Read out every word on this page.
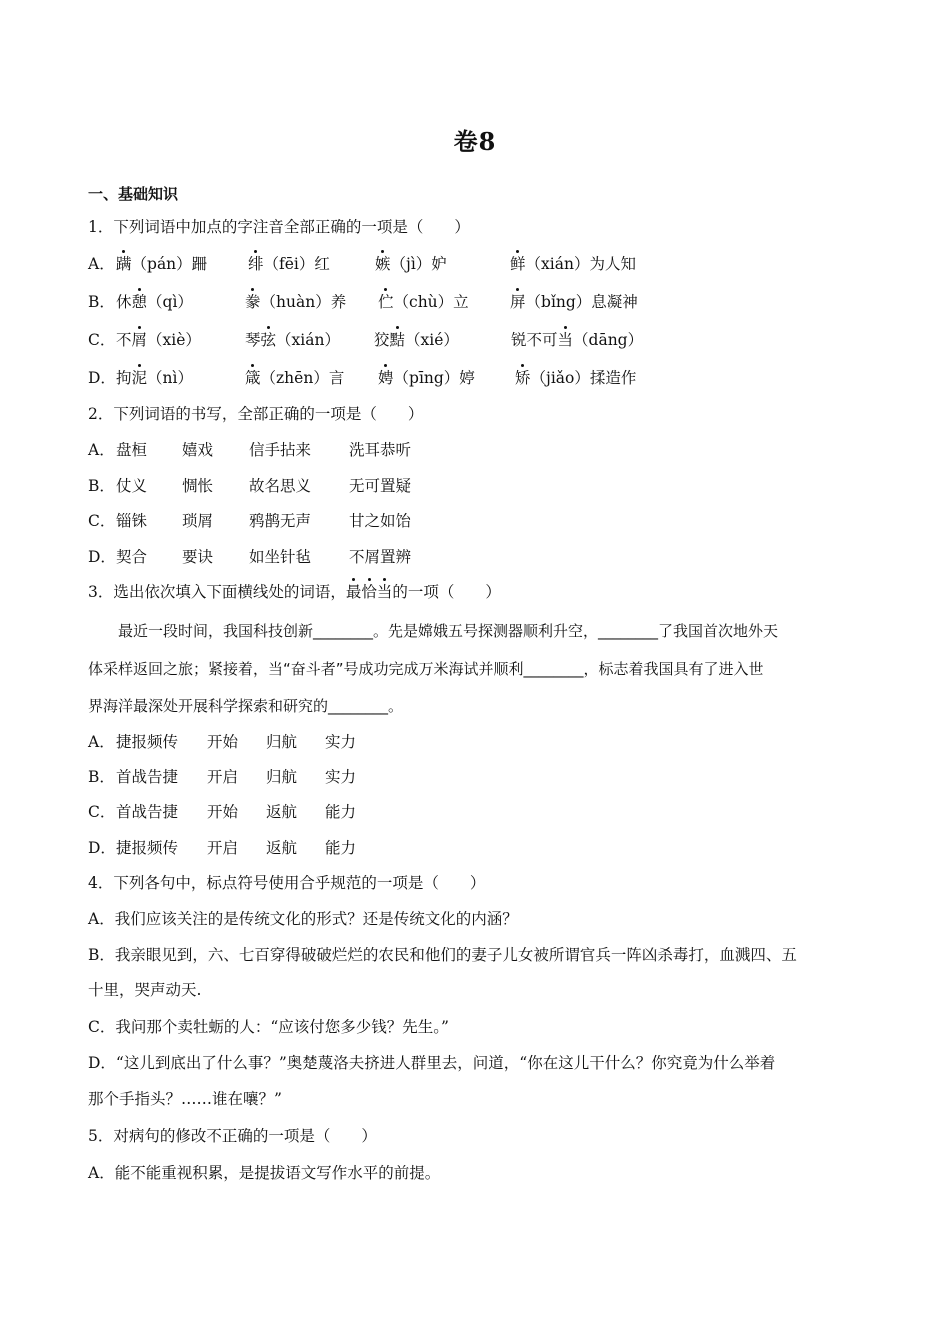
卷8
一、基础知识
1．下列词语中加点的字注音全部正确的一项是（　　）
A． 蹒（pán）跚	绯（fēi）红	嫉（jì）妒	鲜（xián）为人知
B． 休憩（qì）	豢（huàn）养 伫（chù）立	屏（bǐng）息凝神
C． 不屑（xiè）	琴弦（xián） 狡黠（xié）	锐不可当（dāng）
D． 拘泥（nì）	箴（zhēn）言 娉（pīng）婷	矫（jiǎo）揉造作
2．下列词语的书写，全部正确的一项是（　　）
A． 盘桓 嬉戏 信手拈来 洗耳恭听
B． 仗义 惆怅 故名思义 无可置疑
C． 锱铢 琐屑 鸦鹊无声 甘之如饴
D． 契合 要诀 如坐针毡 不屑置辨
3．选出依次填入下面横线处的词语，最恰当的一项（　　）
　　最近一段时间，我国科技创新________。先是嫦娥五号探测器顺利升空，________了我国首次地外天
体采样返回之旅；紧接着，当“奋斗者”号成功完成万米海试并顺利________，标志着我国具有了进入世
界海洋最深处开展科学探索和研究的________。
A． 捷报频传 开始 归航 实力
B． 首战告捷 开启 归航 实力
C． 首战告捷 开始 返航 能力
D． 捷报频传 开启 返航 能力
4．下列各句中，标点符号使用合乎规范的一项是（　　）
A．我们应该关注的是传统文化的形式？还是传统文化的内涵？
B．我亲眼见到，六、七百穿得破破烂烂的农民和他们的妻子儿女被所谓官兵一阵凶杀毒打，血溅四、五
十里，哭声动天.
C．我问那个卖牡蛎的人：“应该付您多少钱？先生。”
D．“这儿到底出了什么事？”奥楚蔑洛夫挤进人群里去，问道，“你在这儿干什么？你究竟为什么举着
那个手指头？……谁在嚷？”
5．对病句的修改不正确的一项是（　　）
A．能不能重视积累，是提拔语文写作水平的前提。
